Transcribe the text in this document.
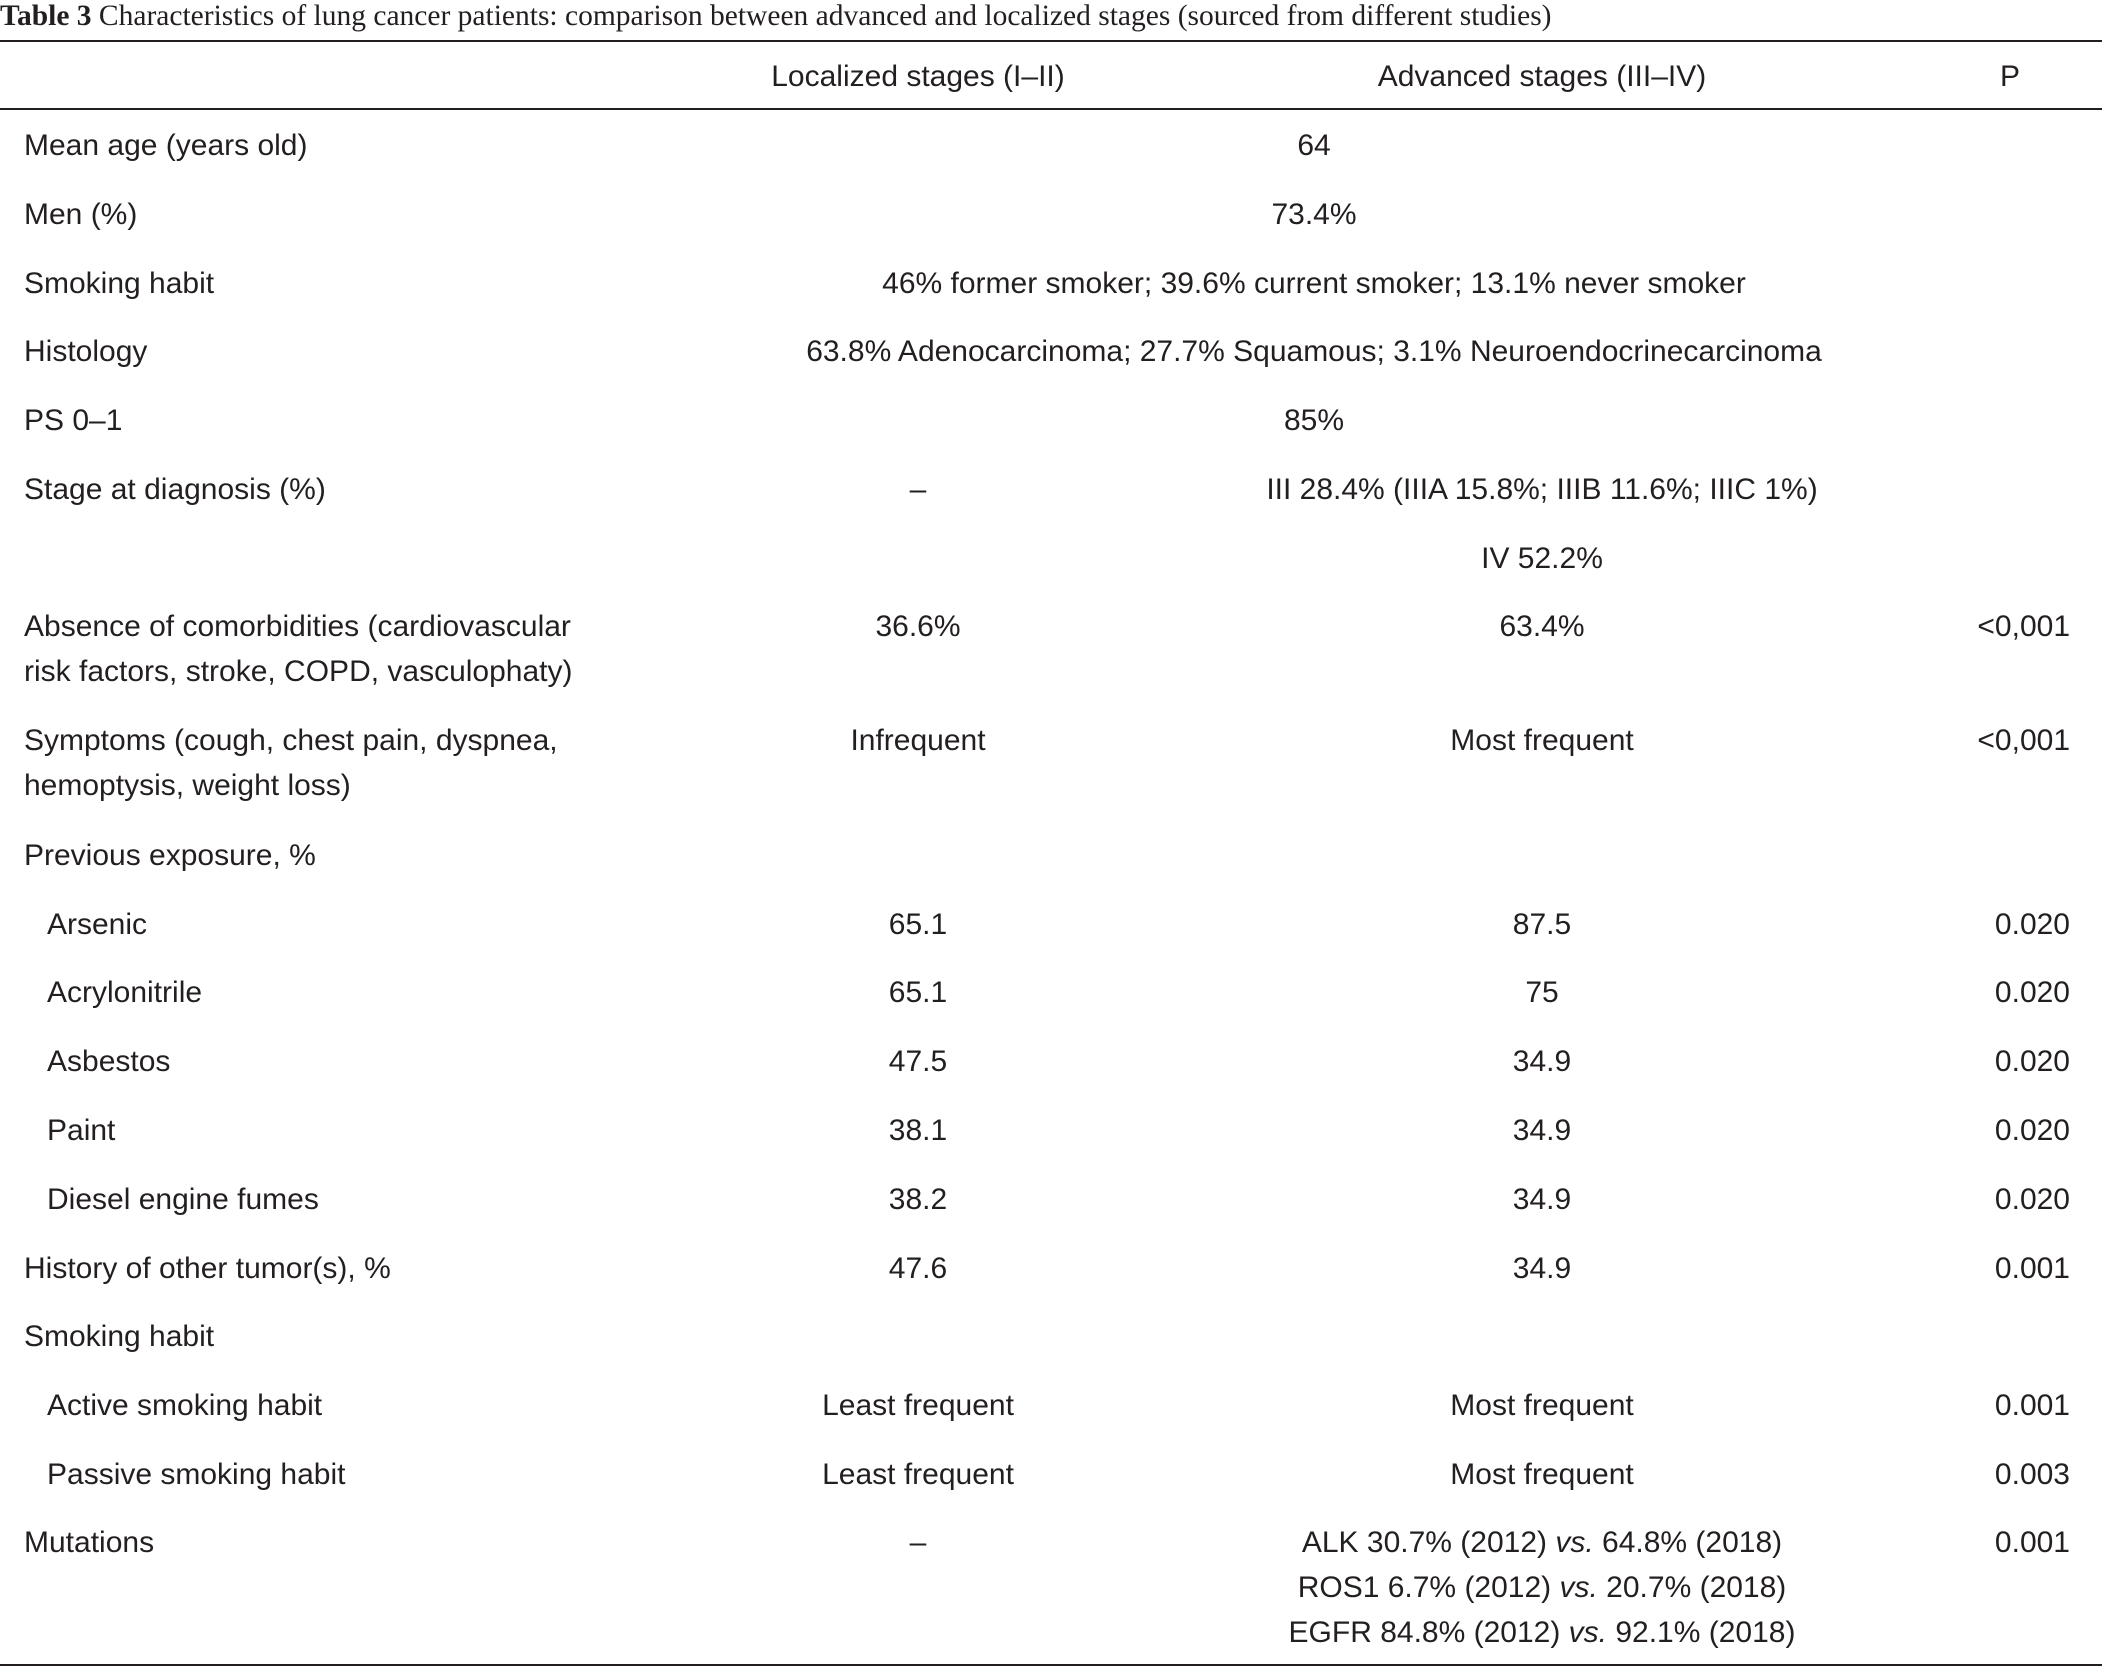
Table 3 Characteristics of lung cancer patients: comparison between advanced and localized stages (sourced from different studies)
Localized stages (I–II)	Advanced stages (III–IV)	P
Mean age (years old)	64
Men (%)	73.4%
Smoking habit	46% former smoker; 39.6% current smoker; 13.1% never smoker
Histology	63.8% Adenocarcinoma; 27.7% Squamous; 3.1% Neuroendocrinecarcinoma
PS 0–1	85%
Stage at diagnosis (%)	–	III 28.4% (IIIA 15.8%; IIIB 11.6%; IIIC 1%)
IV 52.2%
Absence of comorbidities (cardiovascular
risk factors, stroke, COPD, vasculophaty)
36.6%	63.4%	<0,001
Symptoms (cough, chest pain, dyspnea,
hemoptysis, weight loss)
Infrequent	Most frequent	<0,001
Previous exposure, %
Arsenic	65.1	87.5	0.020
Acrylonitrile	65.1	75	0.020
Asbestos	47.5	34.9	0.020
Paint	38.1	34.9	0.020
Diesel engine fumes	38.2	34.9	0.020
History of other tumor(s), %	47.6	34.9	0.001
Smoking habit
Active smoking habit	Least frequent	Most frequent	0.001
Passive smoking habit	Least frequent	Most frequent	0.003
Mutations	–	ALK 30.7% (2012) vs. 64.8% (2018)
ROS1 6.7% (2012) vs. 20.7% (2018)
EGFR 84.8% (2012) vs. 92.1% (2018)
0.001
